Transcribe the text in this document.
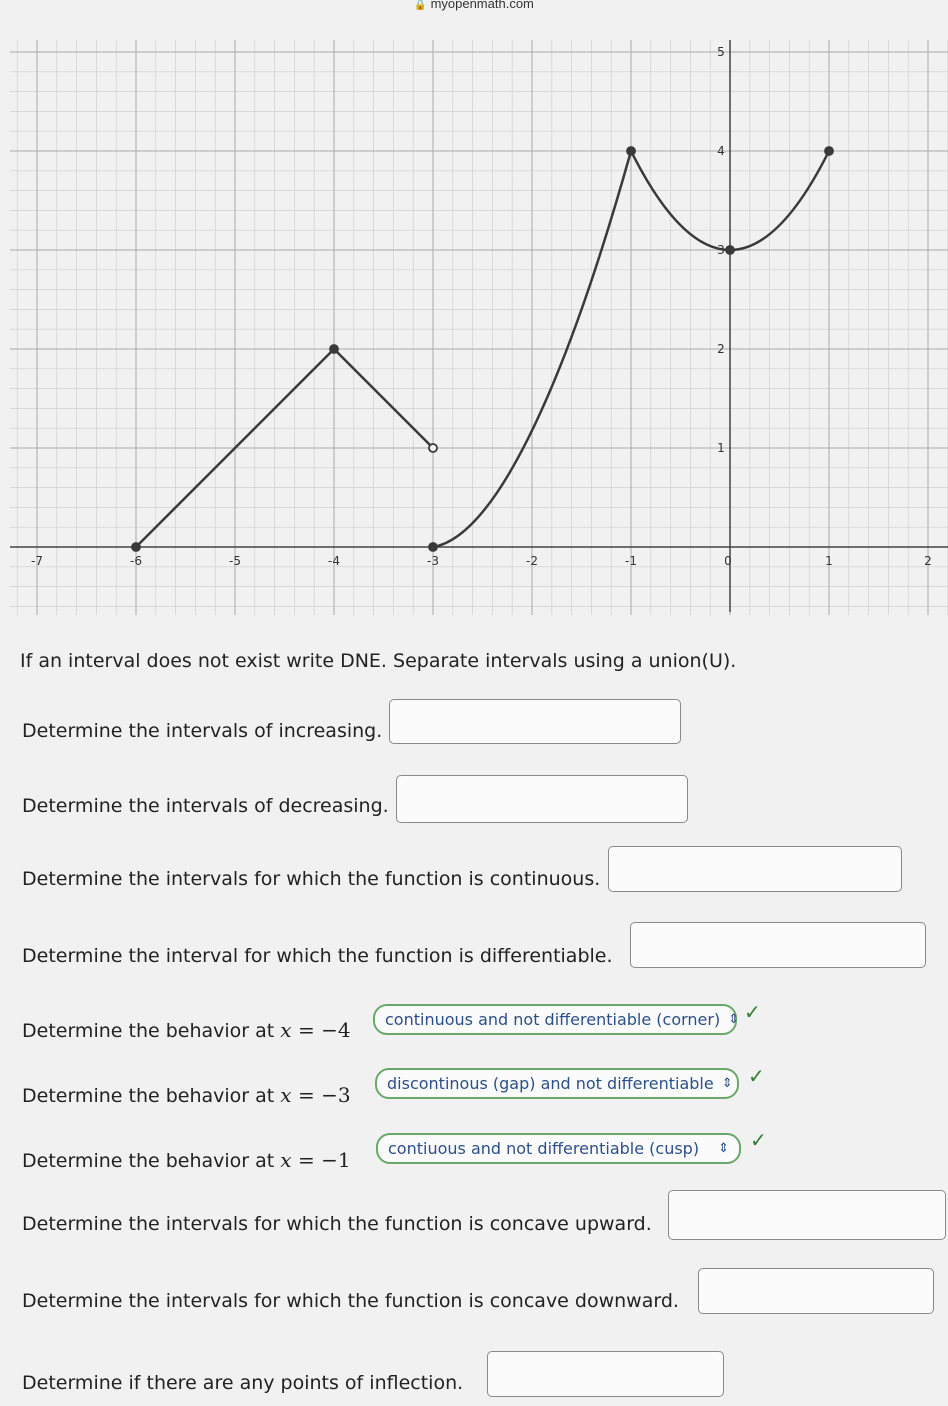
🔒 myopenmath.com
-7	-6	-5	-4	-3	-2	-1	0	1	2
1
2
3
4
5
If an interval does not exist write DNE. Separate intervals using a union(U).
Determine the intervals of increasing.
Determine the intervals of decreasing.
Determine the intervals for which the function is continuous.
Determine the interval for which the function is differentiable.
Determine the behavior at x = −4 continuous and not differentiable (corner) ⇕ ✓
Determine the behavior at x = −3 discontinous (gap) and not differentiable ⇕ ✓
Determine the behavior at x = −1 contiuous and not differentiable (cusp) ⇕ ✓
Determine the intervals for which the function is concave upward.
Determine the intervals for which the function is concave downward.
Determine if there are any points of inflection.
